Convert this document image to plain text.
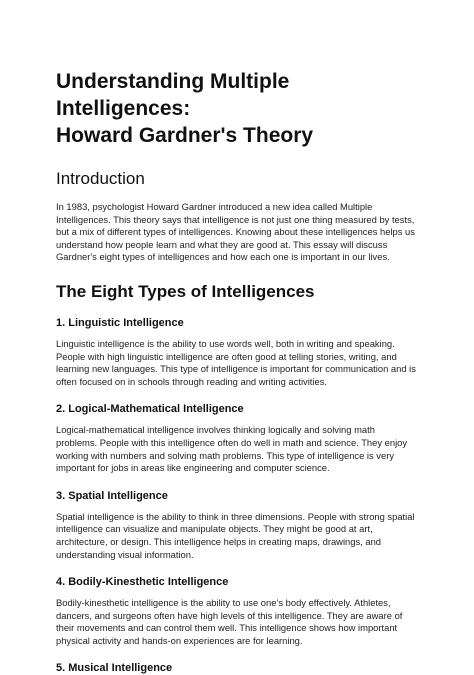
Understanding Multiple Intelligences:
Howard Gardner's Theory
Introduction

In 1983, psychologist Howard Gardner introduced a new idea called Multiple Intelligences. This theory says that intelligence is not just one thing measured by tests, but a mix of different types of intelligences. Knowing about these intelligences helps us understand how people learn and what they are good at. This essay will discuss Gardner's eight types of intelligences and how each one is important in our lives.

The Eight Types of Intelligences
1. Linguistic Intelligence

Linguistic intelligence is the ability to use words well, both in writing and speaking. People with high linguistic intelligence are often good at telling stories, writing, and learning new languages. This type of intelligence is important for communication and is often focused on in schools through reading and writing activities.

2. Logical-Mathematical Intelligence

Logical-mathematical intelligence involves thinking logically and solving math problems. People with this intelligence often do well in math and science. They enjoy working with numbers and solving math problems. This type of intelligence is very important for jobs in areas like engineering and computer science.

3. Spatial Intelligence

Spatial intelligence is the ability to think in three dimensions. People with strong spatial intelligence can visualize and manipulate objects. They might be good at art, architecture, or design. This intelligence helps in creating maps, drawings, and understanding visual information.

4. Bodily-Kinesthetic Intelligence

Bodily-kinesthetic intelligence is the ability to use one’s body effectively. Athletes, dancers, and surgeons often have high levels of this intelligence. They are aware of their movements and can control them well. This intelligence shows how important physical activity and hands-on experiences are for learning.

5. Musical Intelligence
